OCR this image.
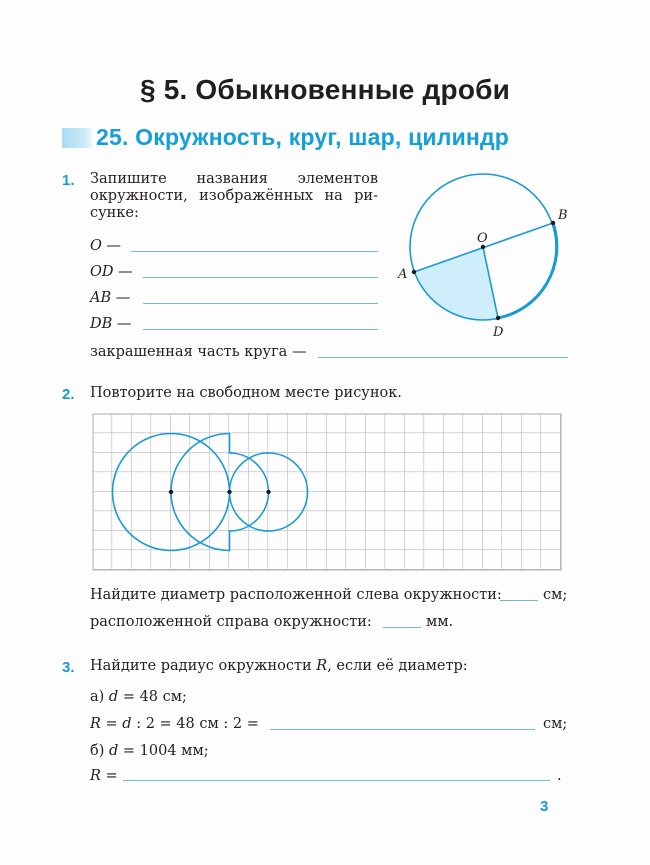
§ 5. Обыкновенные дроби
25. Окружность, круг, шар, цилиндр
1. Запишите названия элементов
окружности, изображённых на ри-
сунке:
O —
OD —
AB —
DB —
закрашенная часть круга —
A
B
O
D
2. Повторите на свободном месте рисунок.
Найдите диаметр расположенной слева окружности:	см;
расположенной справа окружности:	мм.
3. Найдите радиус окружности R, если её диаметр:
а) d = 48 см;
R = d : 2 = 48 см : 2 =	см;
б) d = 1004 мм;
R =	.
3
